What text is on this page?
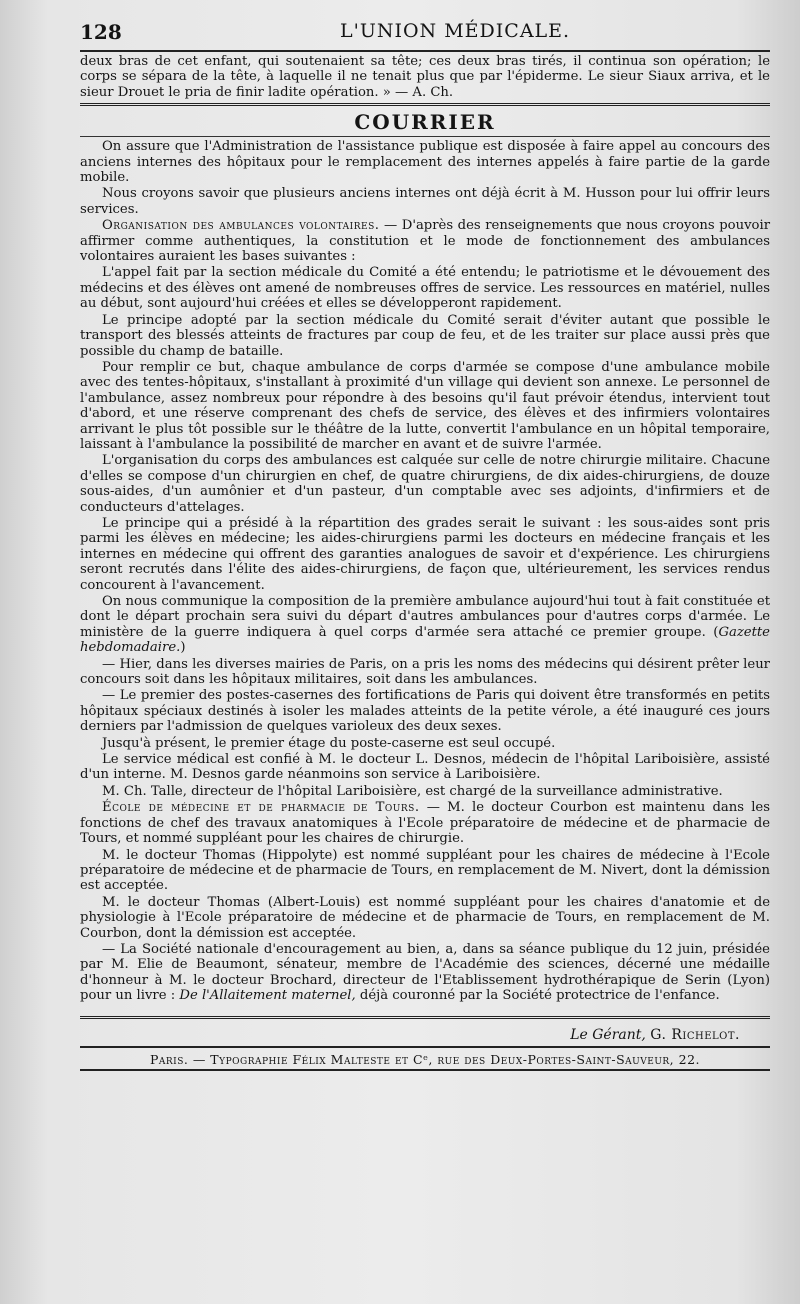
128	L'UNION MÉDICALE.

deux bras de cet enfant, qui soutenaient sa tête; ces deux bras tirés, il continua son opération; le corps se sépara de la tête, à laquelle il ne tenait plus que par l'épiderme. Le sieur Siaux arriva, et le sieur Drouet le pria de finir ladite opération. » — A. Ch.

COURRIER

On assure que l'Administration de l'assistance publique est disposée à faire appel au concours des anciens internes des hôpitaux pour le remplacement des internes appelés à faire partie de la garde mobile.

Nous croyons savoir que plusieurs anciens internes ont déjà écrit à M. Husson pour lui offrir leurs services.

Organisation des ambulances volontaires. — D'après des renseignements que nous croyons pouvoir affirmer comme authentiques, la constitution et le mode de fonctionnement des ambulances volontaires auraient les bases suivantes :

L'appel fait par la section médicale du Comité a été entendu; le patriotisme et le dévouement des médecins et des élèves ont amené de nombreuses offres de service. Les ressources en matériel, nulles au début, sont aujourd'hui créées et elles se développeront rapidement.

Le principe adopté par la section médicale du Comité serait d'éviter autant que possible le transport des blessés atteints de fractures par coup de feu, et de les traiter sur place aussi près que possible du champ de bataille.

Pour remplir ce but, chaque ambulance de corps d'armée se compose d'une ambulance mobile avec des tentes-hôpitaux, s'installant à proximité d'un village qui devient son annexe. Le personnel de l'ambulance, assez nombreux pour répondre à des besoins qu'il faut prévoir étendus, intervient tout d'abord, et une réserve comprenant des chefs de service, des élèves et des infirmiers volontaires arrivant le plus tôt possible sur le théâtre de la lutte, convertit l'ambulance en un hôpital temporaire, laissant à l'ambulance la possibilité de marcher en avant et de suivre l'armée.

L'organisation du corps des ambulances est calquée sur celle de notre chirurgie militaire. Chacune d'elles se compose d'un chirurgien en chef, de quatre chirurgiens, de dix aides-chirurgiens, de douze sous-aides, d'un aumônier et d'un pasteur, d'un comptable avec ses adjoints, d'infirmiers et de conducteurs d'attelages.

Le principe qui a présidé à la répartition des grades serait le suivant : les sous-aides sont pris parmi les élèves en médecine; les aides-chirurgiens parmi les docteurs en médecine français et les internes en médecine qui offrent des garanties analogues de savoir et d'expérience. Les chirurgiens seront recrutés dans l'élite des aides-chirurgiens, de façon que, ultérieurement, les services rendus concourent à l'avancement.

On nous communique la composition de la première ambulance aujourd'hui tout à fait constituée et dont le départ prochain sera suivi du départ d'autres ambulances pour d'autres corps d'armée. Le ministère de la guerre indiquera à quel corps d'armée sera attaché ce premier groupe. (Gazette hebdomadaire.)

— Hier, dans les diverses mairies de Paris, on a pris les noms des médecins qui désirent prêter leur concours soit dans les hôpitaux militaires, soit dans les ambulances.

— Le premier des postes-casernes des fortifications de Paris qui doivent être transformés en petits hôpitaux spéciaux destinés à isoler les malades atteints de la petite vérole, a été inauguré ces jours derniers par l'admission de quelques varioleux des deux sexes.

Jusqu'à présent, le premier étage du poste-caserne est seul occupé.

Le service médical est confié à M. le docteur L. Desnos, médecin de l'hôpital Lariboisière, assisté d'un interne. M. Desnos garde néanmoins son service à Lariboisière.

M. Ch. Talle, directeur de l'hôpital Lariboisière, est chargé de la surveillance administrative.

École de médecine et de pharmacie de Tours. — M. le docteur Courbon est maintenu dans les fonctions de chef des travaux anatomiques à l'Ecole préparatoire de médecine et de pharmacie de Tours, et nommé suppléant pour les chaires de chirurgie.

M. le docteur Thomas (Hippolyte) est nommé suppléant pour les chaires de médecine à l'Ecole préparatoire de médecine et de pharmacie de Tours, en remplacement de M. Nivert, dont la démission est acceptée.

M. le docteur Thomas (Albert-Louis) est nommé suppléant pour les chaires d'anatomie et de physiologie à l'Ecole préparatoire de médecine et de pharmacie de Tours, en remplacement de M. Courbon, dont la démission est acceptée.

— La Société nationale d'encouragement au bien, a, dans sa séance publique du 12 juin, présidée par M. Elie de Beaumont, sénateur, membre de l'Académie des sciences, décerné une médaille d'honneur à M. le docteur Brochard, directeur de l'Etablissement hydrothérapique de Serin (Lyon) pour un livre : De l'Allaitement maternel, déjà couronné par la Société protectrice de l'enfance.

Le Gérant, G. Richelot.
Paris. — Typographie Félix Malteste et Cᵉ, rue des Deux-Portes-Saint-Sauveur, 22.
